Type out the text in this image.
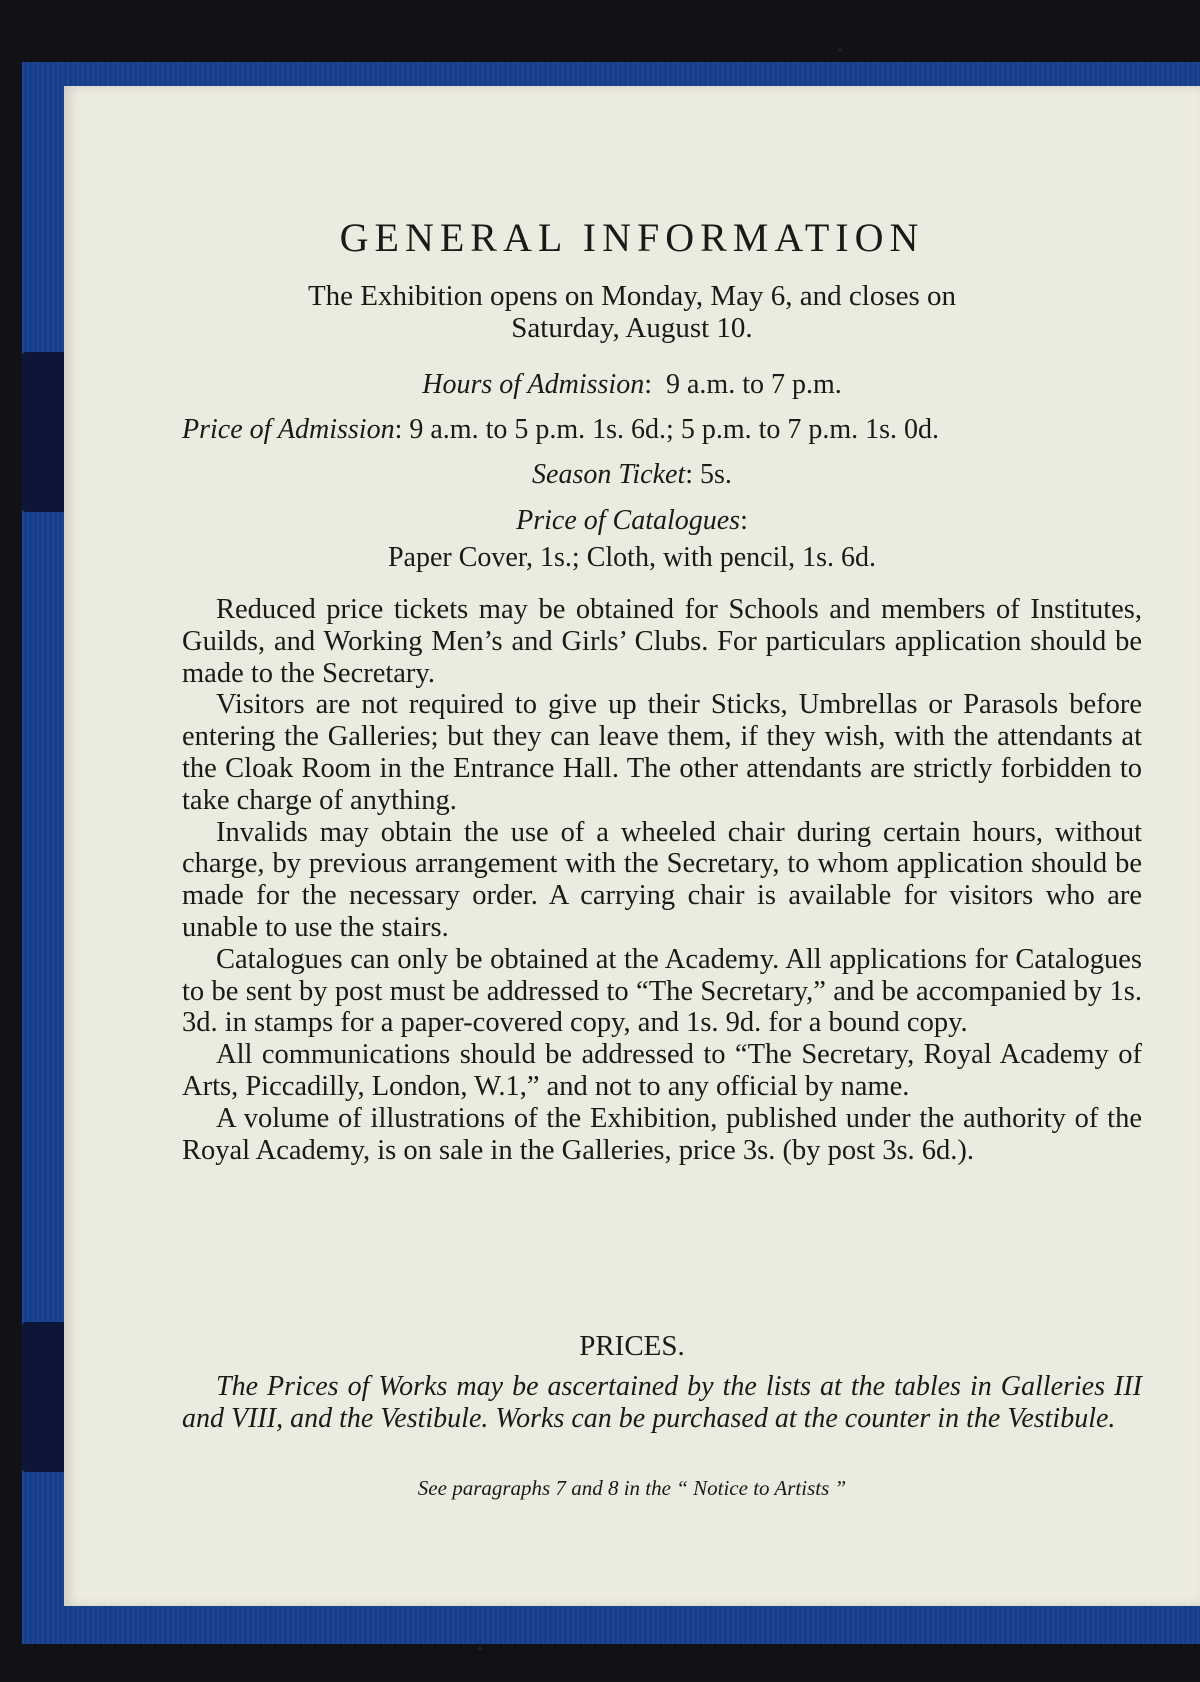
GENERAL INFORMATION
The Exhibition opens on Monday, May 6, and closes on
Saturday, August 10.
Hours of Admission:  9 a.m. to 7 p.m.
Price of Admission: 9 a.m. to 5 p.m. 1s. 6d.; 5 p.m. to 7 p.m. 1s. 0d.
Season Ticket: 5s.
Price of Catalogues:
Paper Cover, 1s.; Cloth, with pencil, 1s. 6d.

Reduced price tickets may be obtained for Schools and members of Institutes, Guilds, and Working Men’s and Girls’ Clubs. For particulars application should be made to the Secretary.

Visitors are not required to give up their Sticks, Umbrellas or Parasols before entering the Galleries; but they can leave them, if they wish, with the attendants at the Cloak Room in the Entrance Hall. The other attendants are strictly forbidden to take charge of anything.

Invalids may obtain the use of a wheeled chair during certain hours, without charge, by previous arrangement with the Secretary, to whom application should be made for the necessary order. A carrying chair is available for visitors who are unable to use the stairs.

Catalogues can only be obtained at the Academy. All applications for Catalogues to be sent by post must be addressed to “The Secretary,” and be accompanied by 1s. 3d. in stamps for a paper-covered copy, and 1s. 9d. for a bound copy.

All communications should be addressed to “The Secretary, Royal Academy of Arts, Piccadilly, London, W.1,” and not to any official by name.

A volume of illustrations of the Exhibition, published under the authority of the Royal Academy, is on sale in the Galleries, price 3s. (by post 3s. 6d.).

PRICES.
The Prices of Works may be ascertained by the lists at the tables in Galleries III and VIII, and the Vestibule. Works can be purchased at the counter in the Vestibule.
See paragraphs 7 and 8 in the “ Notice to Artists ”
